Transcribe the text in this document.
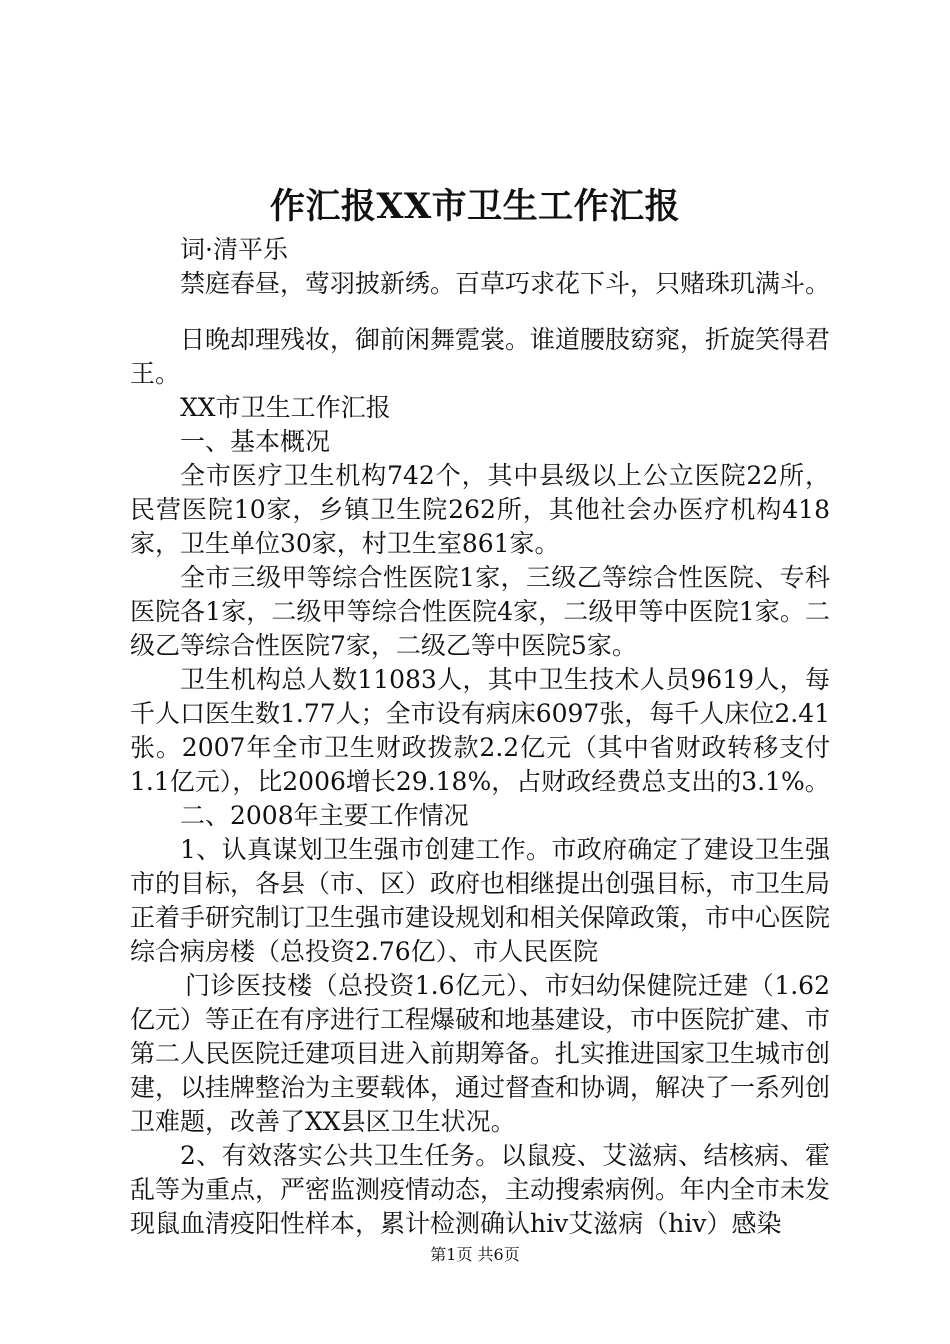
作汇报XX市卫生工作汇报

词·清平乐

禁庭春昼，莺羽披新绣。百草巧求花下斗，只赌珠玑满斗。

日晚却理残妆，御前闲舞霓裳。谁道腰肢窈窕，折旋笑得君王。

XX市卫生工作汇报

一、基本概况

全市医疗卫生机构742个，其中县级以上公立医院22所，民营医院10家，乡镇卫生院262所，其他社会办医疗机构418家，卫生单位30家，村卫生室861家。

全市三级甲等综合性医院1家，三级乙等综合性医院、专科医院各1家，二级甲等综合性医院4家，二级甲等中医院1家。二级乙等综合性医院7家，二级乙等中医院5家。

卫生机构总人数11083人，其中卫生技术人员9619人，每千人口医生数1.77人；全市设有病床6097张，每千人床位2.41张。2007年全市卫生财政拨款2.2亿元（其中省财政转移支付1.1亿元），比2006增长29.18%，占财政经费总支出的3.1%。

二、2008年主要工作情况

1、认真谋划卫生强市创建工作。市政府确定了建设卫生强市的目标，各县（市、区）政府也相继提出创强目标，市卫生局正着手研究制订卫生强市建设规划和相关保障政策，市中心医院综合病房楼（总投资2.76亿）、市人民医院

门诊医技楼（总投资1.6亿元）、市妇幼保健院迁建（1.62亿元）等正在有序进行工程爆破和地基建设，市中医院扩建、市第二人民医院迁建项目进入前期筹备。扎实推进国家卫生城市创建，以挂牌整治为主要载体，通过督查和协调，解决了一系列创卫难题，改善了XX县区卫生状况。

2、有效落实公共卫生任务。以鼠疫、艾滋病、结核病、霍乱等为重点，严密监测疫情动态，主动搜索病例。年内全市未发现鼠血清疫阳性样本，累计检测确认hiv艾滋病（hiv）感染

第1页 共6页
